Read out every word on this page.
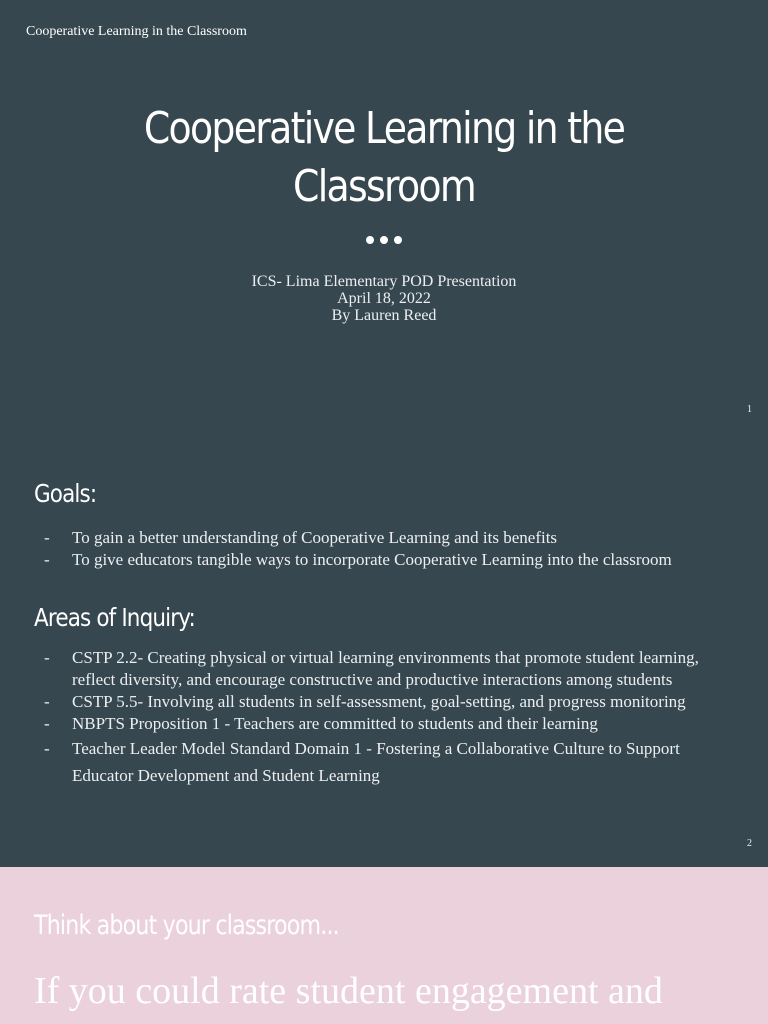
Cooperative Learning in the Classroom
Cooperative Learning in the
Classroom
ICS- Lima Elementary POD Presentation
April 18, 2022
By Lauren Reed
1
Goals:
- To gain a better understanding of Cooperative Learning and its benefits
- To give educators tangible ways to incorporate Cooperative Learning into the classroom
Areas of Inquiry:
- CSTP 2.2- Creating physical or virtual learning environments that promote student learning, reflect diversity, and encourage constructive and productive interactions among students
- CSTP 5.5- Involving all students in self-assessment, goal-setting, and progress monitoring
- NBPTS Proposition 1 - Teachers are committed to students and their learning
- Teacher Leader Model Standard Domain 1 - Fostering a Collaborative Culture to Support Educator Development and Student Learning
2
Think about your classroom...
If you could rate student engagement and
